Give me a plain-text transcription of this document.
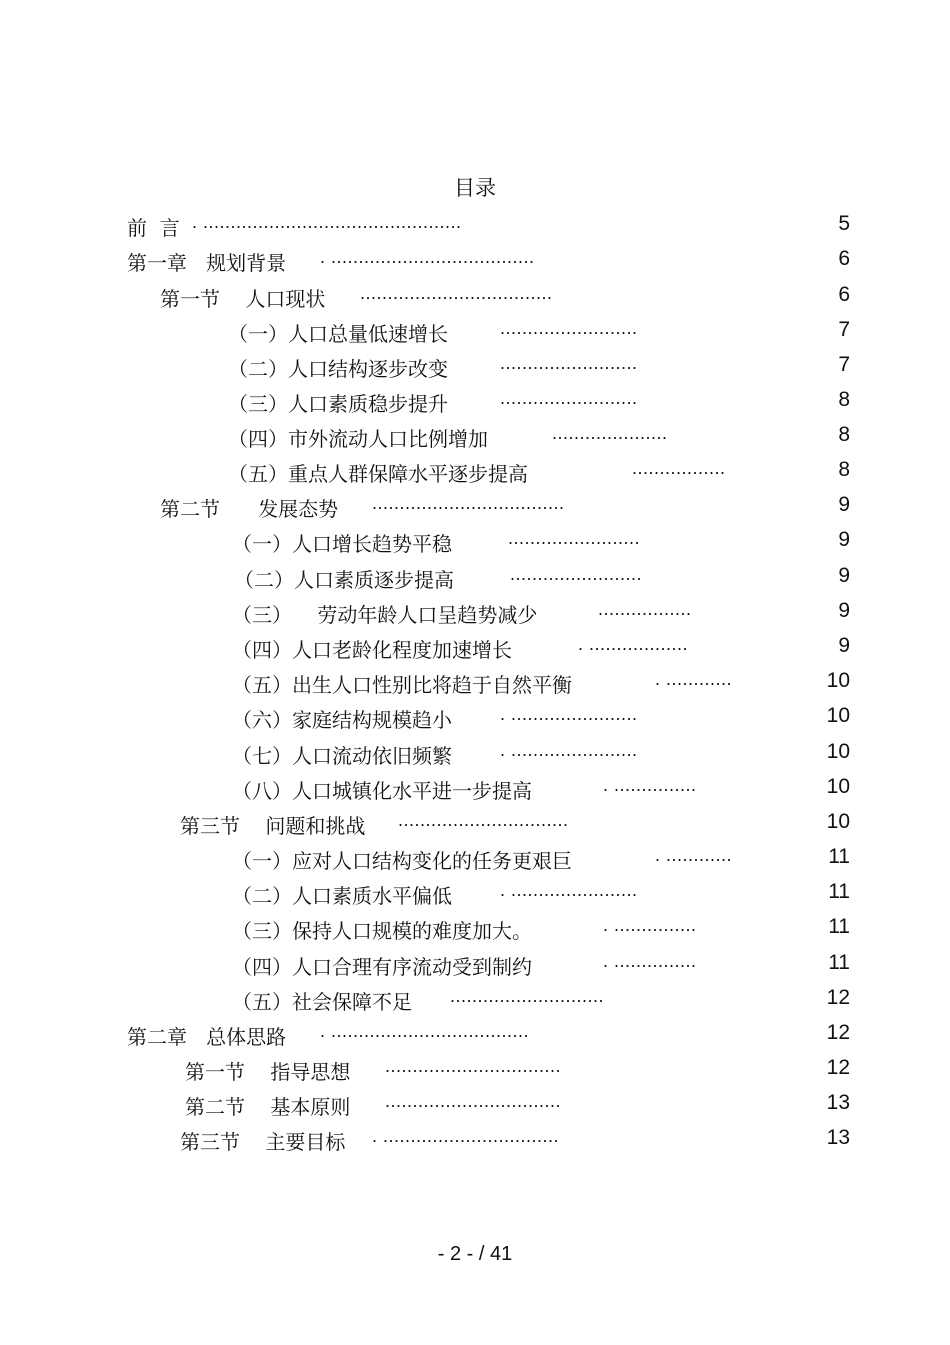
目录
前  言 . ...............................................	5
第一章   规划背景 . .....................................	6
第一节    人口现状 ...................................	6
（一）人口总量低速增长	.........................	7
（二）人口结构逐步改变	.........................	7
（三）人口素质稳步提升	.........................	8
（四）市外流动人口比例增加	.....................	8
（五）重点人群保障水平逐步提高	.................	8
第二节      发展态势 ...................................	9
（一）人口增长趋势平稳	........................	9
（二）人口素质逐步提高	........................	9
（三）    劳动年龄人口呈趋势减少	.................	9
（四）人口老龄化程度加速增长	. ..................	9
（五）出生人口性别比将趋于自然平衡	. ............	10
（六）家庭结构规模趋小	. .......................	10
（七）人口流动依旧频繁	. .......................	10
（八）人口城镇化水平进一步提高	. ...............	10
第三节    问题和挑战 ...............................	10
（一）应对人口结构变化的任务更艰巨	. ............	11
（二）人口素质水平偏低	. .......................	11
（三）保持人口规模的难度加大。	. ...............	11
（四）人口合理有序流动受到制约	. ...............	11
（五）社会保障不足 ............................	12
第二章   总体思路 . ....................................	12
第一节    指导思想 ................................	12
第二节    基本原则 ................................	13
第三节    主要目标 . ................................	13
- 2 - / 41
